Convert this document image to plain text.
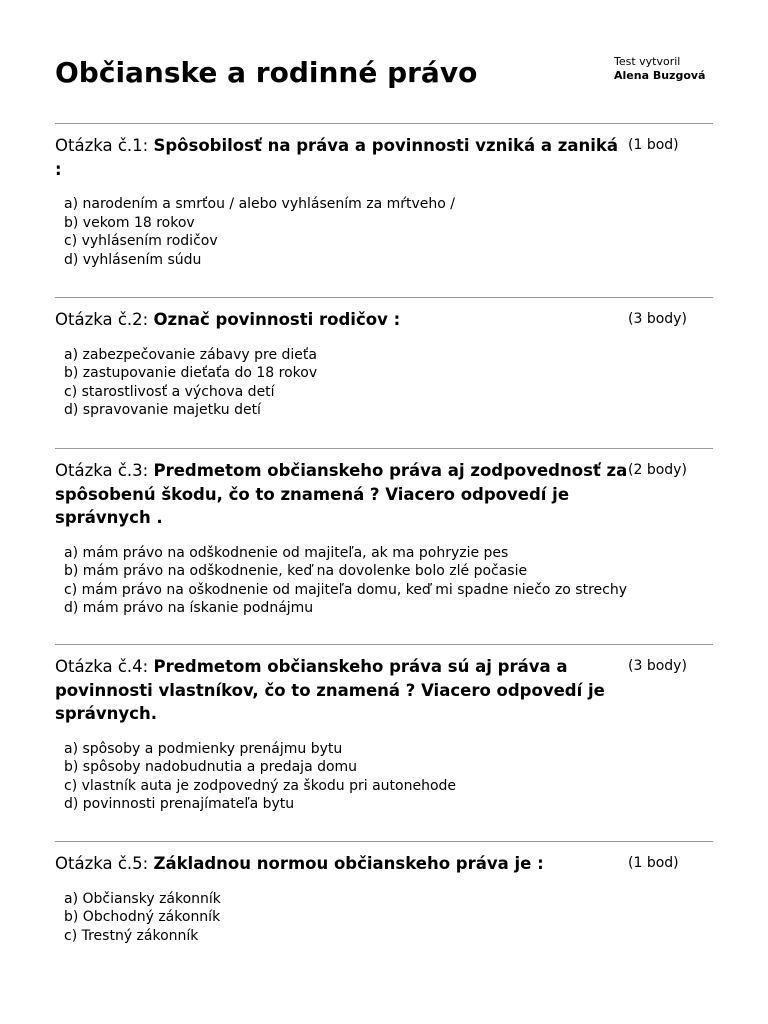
Občianske a rodinné právo	Test vytvoril
Alena Buzgová
Otázka č.1: Spôsobilosť na práva a povinnosti vzniká a zaniká :
(1 bod)
a) narodením a smrťou / alebo vyhlásením za mŕtveho /
b) vekom 18 rokov
c) vyhlásením rodičov
d) vyhlásením súdu
Otázka č.2: Označ povinnosti rodičov :	(3 body)
a) zabezpečovanie zábavy pre dieťa
b) zastupovanie dieťaťa do 18 rokov
c) starostlivosť a výchova detí
d) spravovanie majetku detí
Otázka č.3: Predmetom občianskeho práva aj zodpovednosť za spôsobenú škodu, čo to znamená ? Viacero odpovedí je správnych .
(2 body)
a) mám právo na odškodnenie od majiteľa, ak ma pohryzie pes
b) mám právo na odškodnenie, keď na dovolenke bolo zlé počasie
c) mám právo na oškodnenie od majiteľa domu, keď mi spadne niečo zo strechy
d) mám právo na ískanie podnájmu
Otázka č.4: Predmetom občianskeho práva sú aj práva a povinnosti vlastníkov, čo to znamená ? Viacero odpovedí je správnych.
(3 body)
a) spôsoby a podmienky prenájmu bytu
b) spôsoby nadobudnutia a predaja domu
c) vlastník auta je zodpovedný za škodu pri autonehode
d) povinnosti prenajímateľa bytu
Otázka č.5: Základnou normou občianskeho práva je :	(1 bod)
a) Občiansky zákonník
b) Obchodný zákonník
c) Trestný zákonník
